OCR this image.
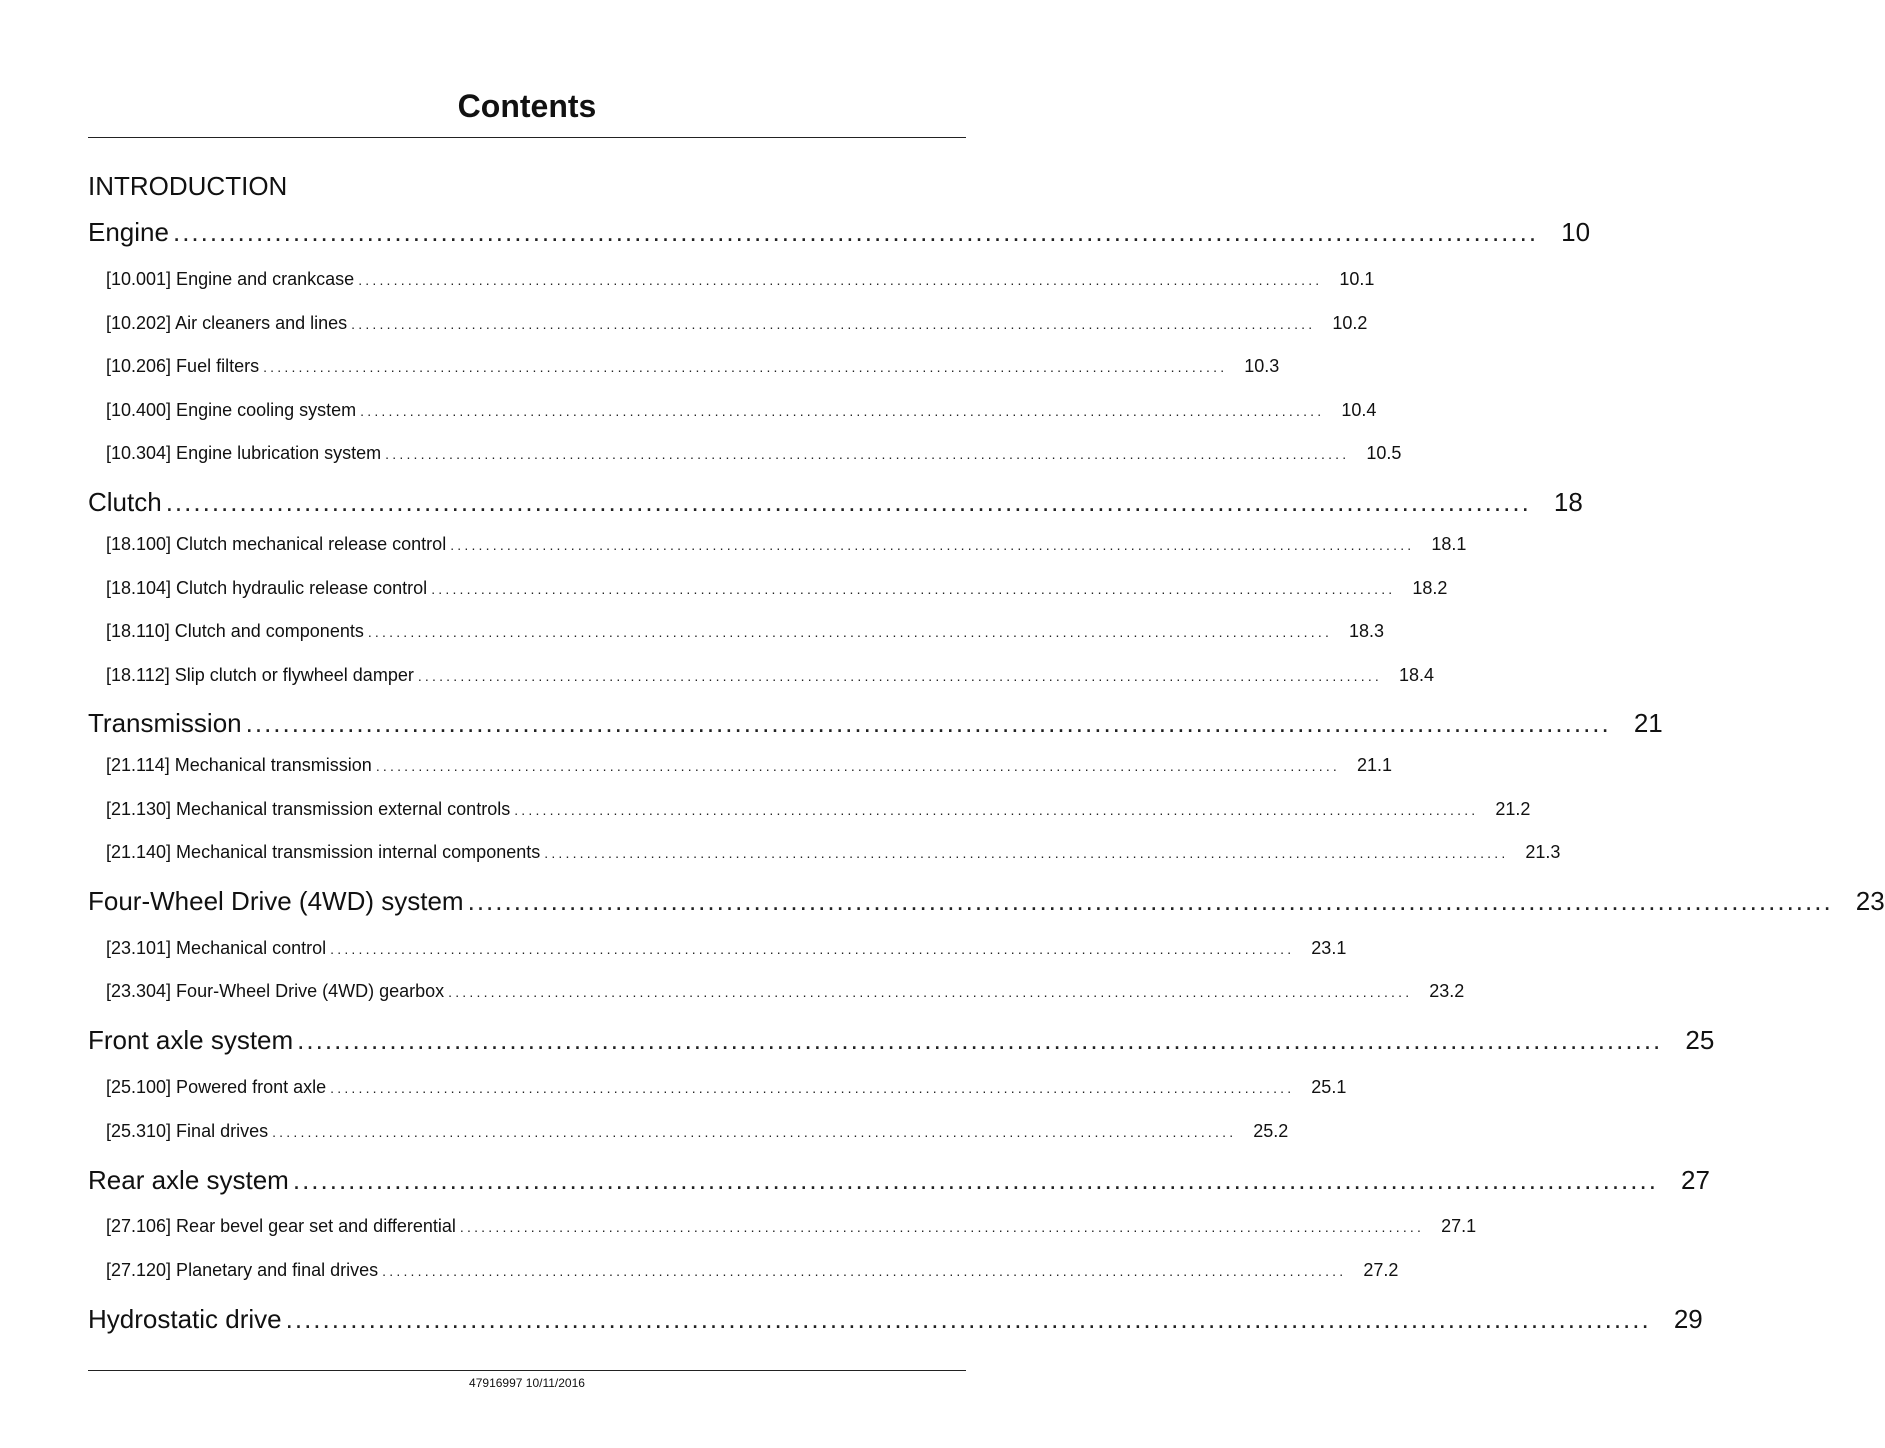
Contents
INTRODUCTION
Engine .................................................................................................................................................... 10
[10.001] Engine and crankcase ........................................................................................................................................ 10.1
[10.202] Air cleaners and lines ........................................................................................................................................ 10.2
[10.206] Fuel filters ........................................................................................................................................ 10.3
[10.400] Engine cooling system ........................................................................................................................................ 10.4
[10.304] Engine lubrication system ........................................................................................................................................ 10.5
Clutch .................................................................................................................................................... 18
[18.100] Clutch mechanical release control ........................................................................................................................................ 18.1
[18.104] Clutch hydraulic release control ........................................................................................................................................ 18.2
[18.110] Clutch and components ........................................................................................................................................ 18.3
[18.112] Slip clutch or flywheel damper ........................................................................................................................................ 18.4
Transmission .................................................................................................................................................... 21
[21.114] Mechanical transmission ........................................................................................................................................ 21.1
[21.130] Mechanical transmission external controls ........................................................................................................................................ 21.2
[21.140] Mechanical transmission internal components ........................................................................................................................................ 21.3
Four-Wheel Drive (4WD) system .................................................................................................................................................... 23
[23.101] Mechanical control ........................................................................................................................................ 23.1
[23.304] Four-Wheel Drive (4WD) gearbox ........................................................................................................................................ 23.2
Front axle system .................................................................................................................................................... 25
[25.100] Powered front axle ........................................................................................................................................ 25.1
[25.310] Final drives ........................................................................................................................................ 25.2
Rear axle system .................................................................................................................................................... 27
[27.106] Rear bevel gear set and differential ........................................................................................................................................ 27.1
[27.120] Planetary and final drives ........................................................................................................................................ 27.2
Hydrostatic drive .................................................................................................................................................... 29
47916997 10/11/2016
